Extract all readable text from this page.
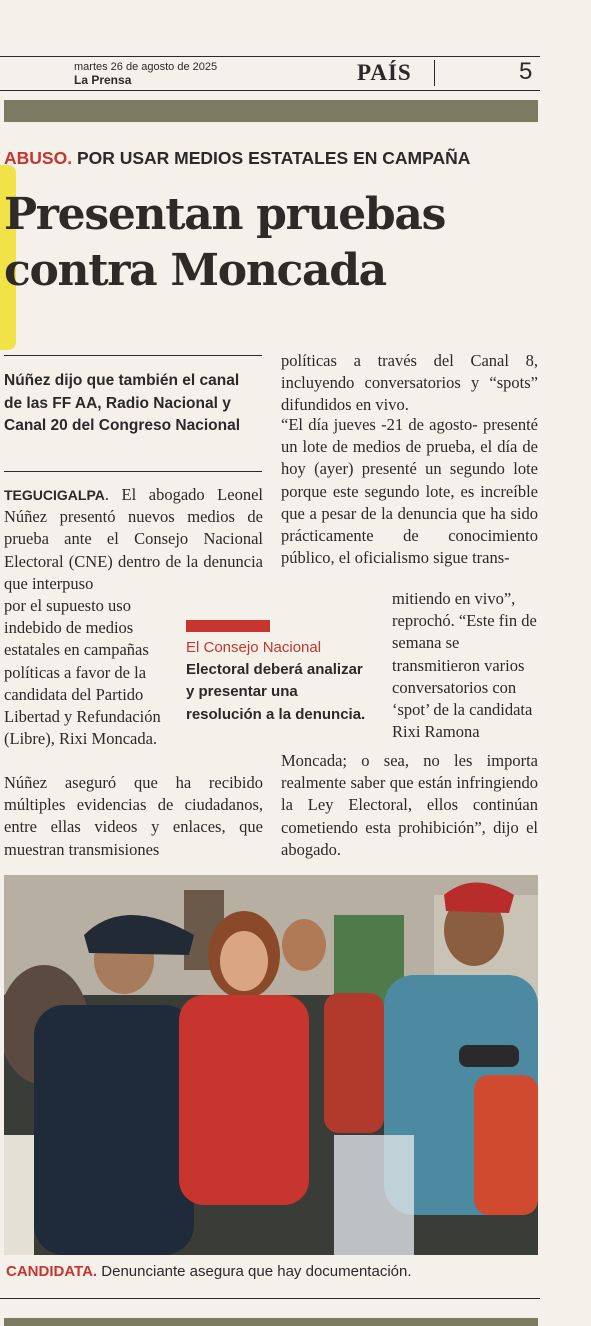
martes 26 de agosto de 2025
La Prensa	PAÍS	5
ABUSO. POR USAR MEDIOS ESTATALES EN CAMPAÑA
Presentan pruebas
contra Moncada
Núñez dijo que también el canal de las FF AA, Radio Nacional y Canal 20 del Congreso Nacional
TEGUCIGALPA. El abogado Leonel Núñez presentó nuevos medios de prueba ante el Consejo Nacional Electoral (CNE) dentro de la denuncia que interpuso
por el supuesto uso indebido de medios estatales en campañas políticas a favor de la candidata del Partido Libertad y Refundación (Libre), Rixi Moncada.
Núñez aseguró que ha recibido múltiples evidencias de ciudadanos, entre ellas videos y enlaces, que muestran transmisiones
El Consejo Nacional Electoral deberá analizar y presentar una resolución a la denuncia.
políticas a través del Canal 8, incluyendo conversatorios y “spots” difundidos en vivo.
“El día jueves -21 de agosto- presenté un lote de medios de prueba, el día de hoy (ayer) presenté un segundo lote porque este segundo lote, es increíble que a pesar de la denuncia que ha sido prácticamente de conocimiento público, el oficialismo sigue trans-
mitiendo en vivo”, reprochó. “Este fin de semana se transmitieron varios conversatorios con ‘spot’ de la candidata Rixi Ramona
Moncada; o sea, no les importa realmente saber que están infringiendo la Ley Electoral, ellos continúan cometiendo esta prohibición”, dijo el abogado.
CANDIDATA. Denunciante asegura que hay documentación.
